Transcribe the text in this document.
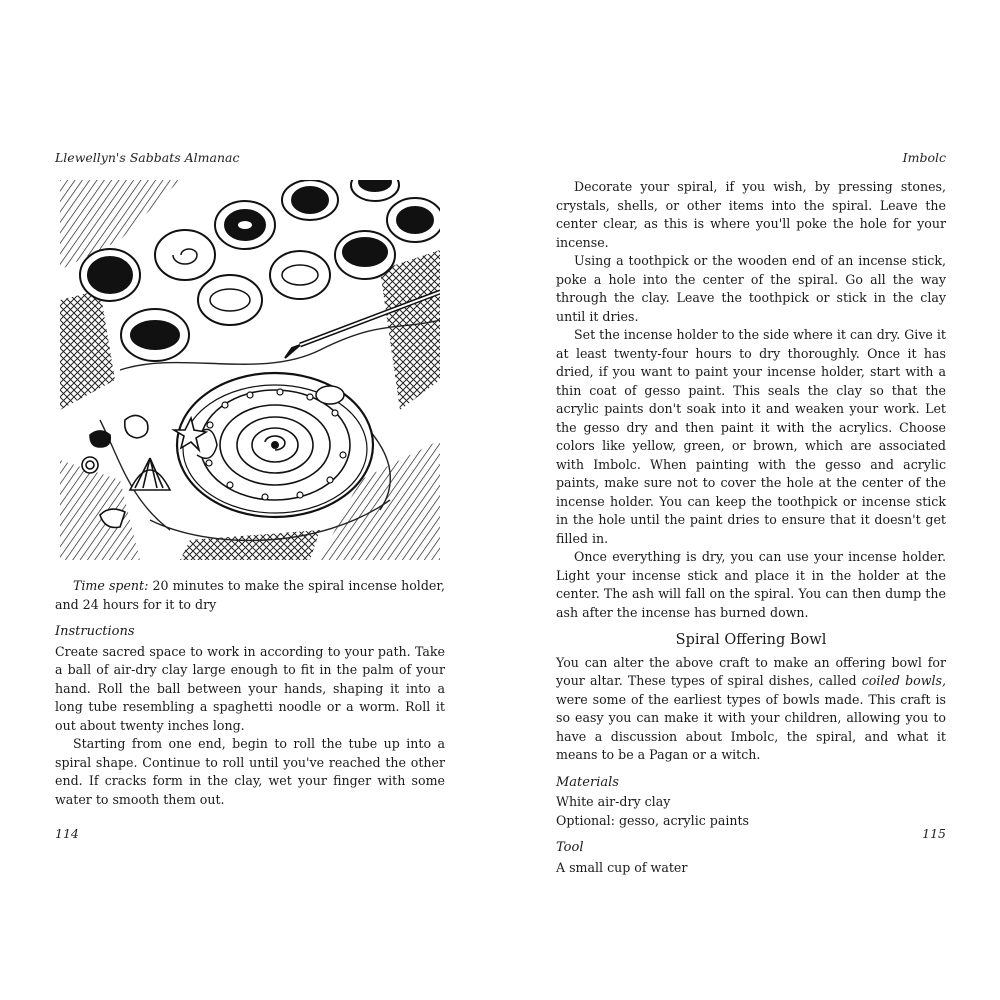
Llewellyn's Sabbats Almanac

Time spent: 20 minutes to make the spiral incense holder, and 24 hours for it to dry

Instructions

Create sacred space to work in according to your path. Take a ball of air-dry clay large enough to fit in the palm of your hand. Roll the ball between your hands, shaping it into a long tube resembling a spaghetti noodle or a worm. Roll it out about twenty inches long.

Starting from one end, begin to roll the tube up into a spiral shape. Continue to roll until you've reached the other end. If cracks form in the clay, wet your finger with some water to smooth them out.

114
Imbolc

Decorate your spiral, if you wish, by pressing stones, crystals, shells, or other items into the spiral. Leave the center clear, as this is where you'll poke the hole for your incense.

Using a toothpick or the wooden end of an incense stick, poke a hole into the center of the spiral. Go all the way through the clay. Leave the toothpick or stick in the clay until it dries.

Set the incense holder to the side where it can dry. Give it at least twenty-four hours to dry thoroughly. Once it has dried, if you want to paint your incense holder, start with a thin coat of gesso paint. This seals the clay so that the acrylic paints don't soak into it and weaken your work. Let the gesso dry and then paint it with the acrylics. Choose colors like yellow, green, or brown, which are associated with Imbolc. When painting with the gesso and acrylic paints, make sure not to cover the hole at the center of the incense holder. You can keep the toothpick or incense stick in the hole until the paint dries to ensure that it doesn't get filled in.

Once everything is dry, you can use your incense holder. Light your incense stick and place it in the holder at the center. The ash will fall on the spiral. You can then dump the ash after the incense has burned down.

Spiral Offering Bowl

You can alter the above craft to make an offering bowl for your altar. These types of spiral dishes, called coiled bowls, were some of the earliest types of bowls made. This craft is so easy you can make it with your children, allowing you to have a discussion about Imbolc, the spiral, and what it means to be a Pagan or a witch.

Materials
White air-dry clay
Optional: gesso, acrylic paints
Tool
A small cup of water
115
